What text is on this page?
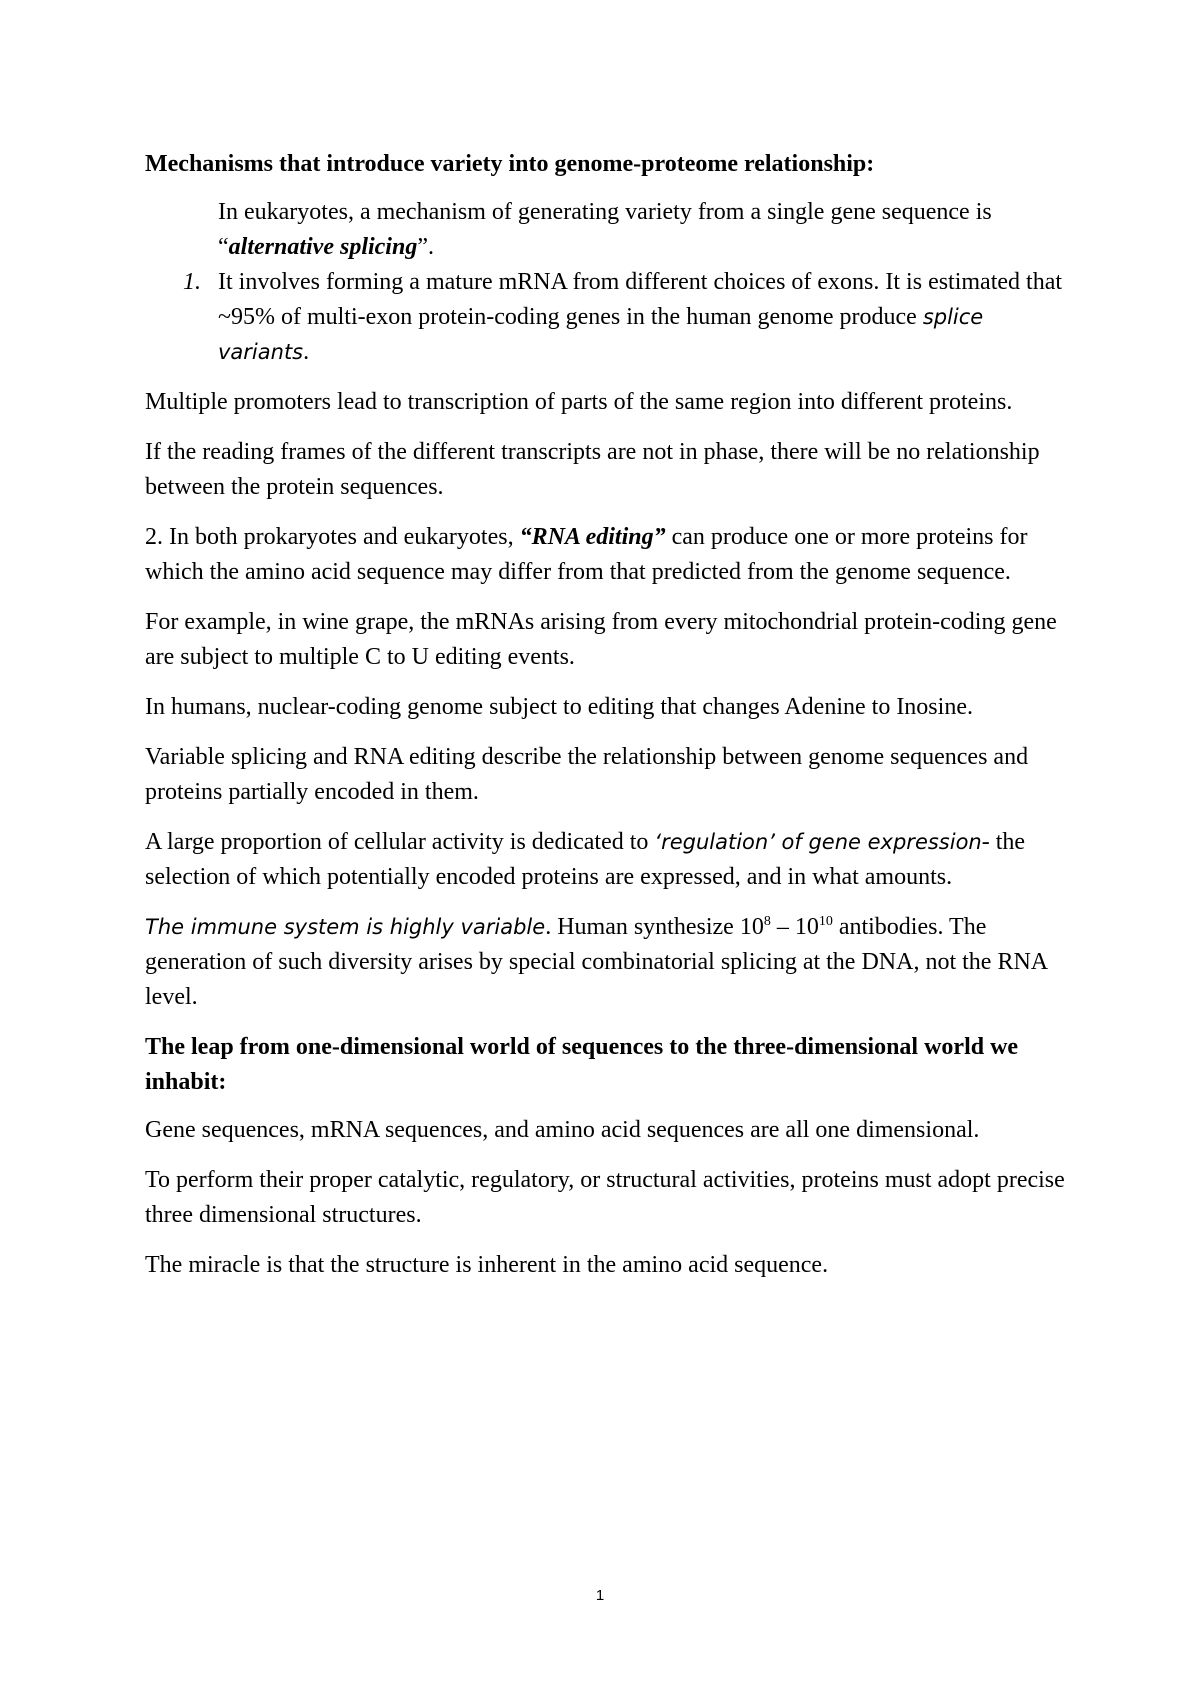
Mechanisms that introduce variety into genome-proteome relationship:

In eukaryotes, a mechanism of generating variety from a single gene sequence is “alternative splicing”.

1. It involves forming a mature mRNA from different choices of exons. It is estimated that ~95% of multi-exon protein-coding genes in the human genome produce splice variants.

Multiple promoters lead to transcription of parts of the same region into different proteins.

If the reading frames of the different transcripts are not in phase, there will be no relationship between the protein sequences.

2. In both prokaryotes and eukaryotes, “RNA editing” can produce one or more proteins for which the amino acid sequence may differ from that predicted from the genome sequence.

For example, in wine grape, the mRNAs arising from every mitochondrial protein-coding gene are subject to multiple C to U editing events.

In humans, nuclear-coding genome subject to editing that changes Adenine to Inosine.

Variable splicing and RNA editing describe the relationship between genome sequences and proteins partially encoded in them.

A large proportion of cellular activity is dedicated to ‘regulation’ of gene expression- the selection of which potentially encoded proteins are expressed, and in what amounts.

The immune system is highly variable. Human synthesize $10^8 - 10^{10}$ antibodies. The generation of such diversity arises by special combinatorial splicing at the DNA, not the RNA level.

The leap from one-dimensional world of sequences to the three-dimensional world we inhabit:

Gene sequences, mRNA sequences, and amino acid sequences are all one dimensional.

To perform their proper catalytic, regulatory, or structural activities, proteins must adopt precise three dimensional structures.

The miracle is that the structure is inherent in the amino acid sequence.

1
